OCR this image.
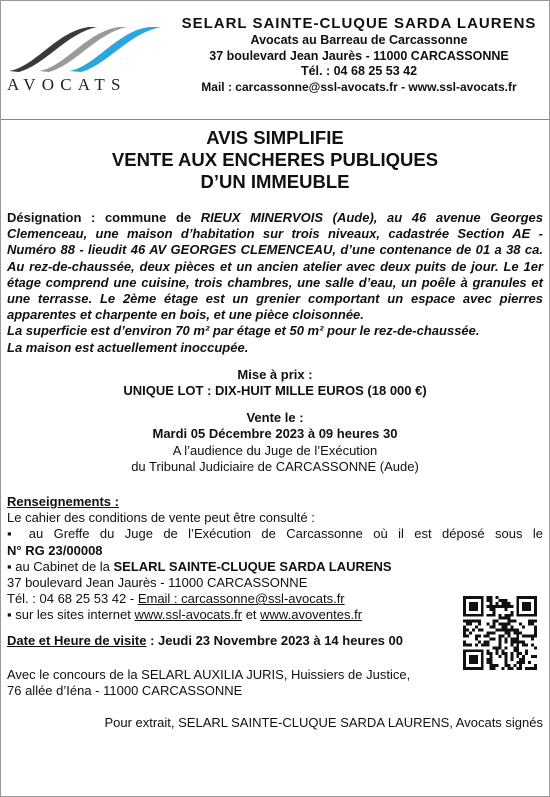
AVOCATS
SELARL SAINTE-CLUQUE SARDA LAURENS
Avocats au Barreau de Carcassonne
37 boulevard Jean Jaurès - 11000 CARCASSONNE
Tél. : 04 68 25 53 42
Mail : carcassonne@ssl-avocats.fr - www.ssl-avocats.fr
AVIS SIMPLIFIE
VENTE AUX ENCHERES PUBLIQUES
D’UN IMMEUBLE

Désignation : commune de RIEUX MINERVOIS (Aude), au 46 avenue Georges Clemenceau, une maison d’habitation sur trois niveaux, cadastrée Section AE - Numéro 88 - lieudit 46 AV GEORGES CLEMENCEAU, d’une contenance de 01 a 38 ca. Au rez-de-chaussée, deux pièces et un ancien atelier avec deux puits de jour. Le 1er étage comprend une cuisine, trois chambres, une salle d’eau, un poêle à granules et une terrasse. Le 2ème étage est un grenier comportant un espace avec pierres apparentes et charpente en bois, et une pièce cloisonnée.
La superficie est d’environ 70 m² par étage et 50 m² pour le rez-de-chaussée.
La maison est actuellement inoccupée.

Mise à prix :
UNIQUE LOT : DIX-HUIT MILLE EUROS (18 000 €)
Vente le :
Mardi 05 Décembre 2023 à 09 heures 30
A l’audience du Juge de l’Exécution
du Tribunal Judiciaire de CARCASSONNE (Aude)
Renseignements :
Le cahier des conditions de vente peut être consulté :
▪ au Greffe du Juge de l’Exécution de Carcassonne où il est déposé sous le
N° RG 23/00008
▪ au Cabinet de la SELARL SAINTE-CLUQUE SARDA LAURENS
37 boulevard Jean Jaurès - 11000 CARCASSONNE
Tél. : 04 68 25 53 42 - Email : carcassonne@ssl-avocats.fr
▪ sur les sites internet www.ssl-avocats.fr et www.avoventes.fr
Date et Heure de visite : Jeudi 23 Novembre 2023 à 14 heures 00
Avec le concours de la SELARL AUXILIA JURIS, Huissiers de Justice,
76 allée d’Iéna - 11000 CARCASSONNE
Pour extrait, SELARL SAINTE-CLUQUE SARDA LAURENS, Avocats signés
